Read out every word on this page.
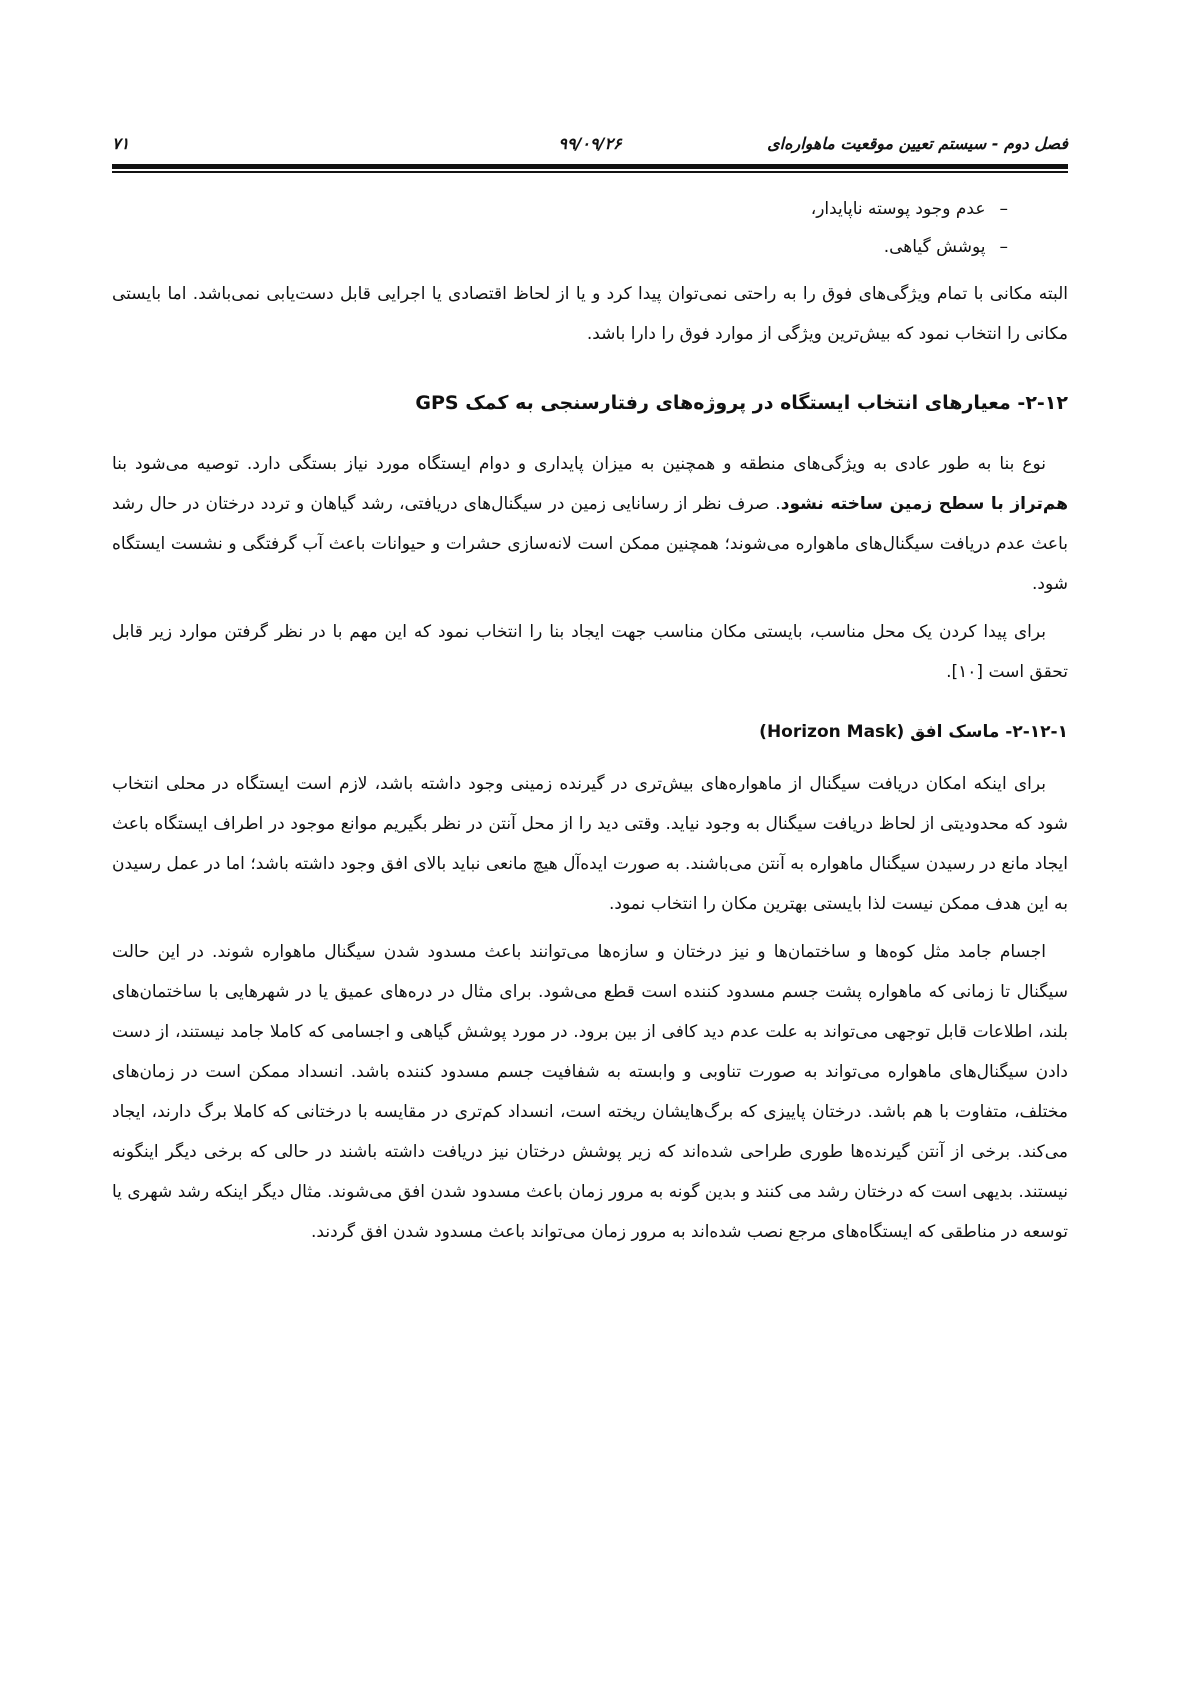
فصل دوم - سیستم تعیین موقعیت ماهواره‌ای
۹۹/۰۹/۲۶
۷۱
–عدم وجود پوسته ناپایدار،
–پوشش گیاهی.

البته مکانی با تمام ویژگی‌های فوق را به راحتی نمی‌توان پیدا کرد و یا از لحاظ اقتصادی یا اجرایی قابل دست‌یابی نمی‌باشد. اما بایستی مکانی را انتخاب نمود که بیش‌ترین ویژگی از موارد فوق را دارا باشد.

۲-۱۲- معیارهای انتخاب ایستگاه در پروژه‌های رفتارسنجی به کمک GPS

نوع بنا به طور عادی به ویژگی‌های منطقه و همچنین به میزان پایداری و دوام ایستگاه مورد نیاز بستگی دارد. توصیه می‌شود بنا هم‌تراز با سطح زمین ساخته نشود. صرف نظر از رسانایی زمین در سیگنال‌های دریافتی، رشد گیاهان و تردد درختان در حال رشد باعث عدم دریافت سیگنال‌های ماهواره می‌شوند؛ همچنین ممکن است لانه‌سازی حشرات و حیوانات باعث آب گرفتگی و نشست ایستگاه شود.

برای پیدا کردن یک محل مناسب، بایستی مکان مناسب جهت ایجاد بنا را انتخاب نمود که این مهم با در نظر گرفتن موارد زیر قابل تحقق است [۱۰].

۲-۱۲-۱- ماسک افق (Horizon Mask)

برای اینکه امکان دریافت سیگنال از ماهواره‌های بیش‌تری در گیرنده زمینی وجود داشته باشد، لازم است ایستگاه در محلی انتخاب شود که محدودیتی از لحاظ دریافت سیگنال به وجود نیاید. وقتی دید را از محل آنتن در نظر بگیریم موانع موجود در اطراف ایستگاه باعث ایجاد مانع در رسیدن سیگنال ماهواره به آنتن می‌باشند. به صورت ایده‌آل هیچ مانعی نباید بالای افق وجود داشته باشد؛ اما در عمل رسیدن به این هدف ممکن نیست لذا بایستی بهترین مکان را انتخاب نمود.

اجسام جامد مثل کوه‌ها و ساختمان‌ها و نیز درختان و سازه‌ها می‌توانند باعث مسدود شدن سیگنال ماهواره شوند. در این حالت سیگنال تا زمانی که ماهواره پشت جسم مسدود کننده است قطع می‌شود. برای مثال در دره‌های عمیق یا در شهرهایی با ساختمان‌های بلند، اطلاعات قابل توجهی می‌تواند به علت عدم دید کافی از بین برود. در مورد پوشش گیاهی و اجسامی که کاملا جامد نیستند، از دست دادن سیگنال‌های ماهواره می‌تواند به صورت تناوبی و وابسته به شفافیت جسم مسدود کننده باشد. انسداد ممکن است در زمان‌های مختلف، متفاوت با هم باشد. درختان پاییزی که برگ‌هایشان ریخته است، انسداد کم‌تری در مقایسه با درختانی که کاملا برگ دارند، ایجاد می‌کند. برخی از آنتن گیرنده‌ها طوری طراحی شده‌اند که زیر پوشش درختان نیز دریافت داشته باشند در حالی که برخی دیگر اینگونه نیستند. بدیهی است که درختان رشد می کنند و بدین گونه به مرور زمان باعث مسدود شدن افق می‌شوند. مثال دیگر اینکه رشد شهری یا توسعه در مناطقی که ایستگاه‌های مرجع نصب شده‌اند به مرور زمان می‌تواند باعث مسدود شدن افق گردند.
